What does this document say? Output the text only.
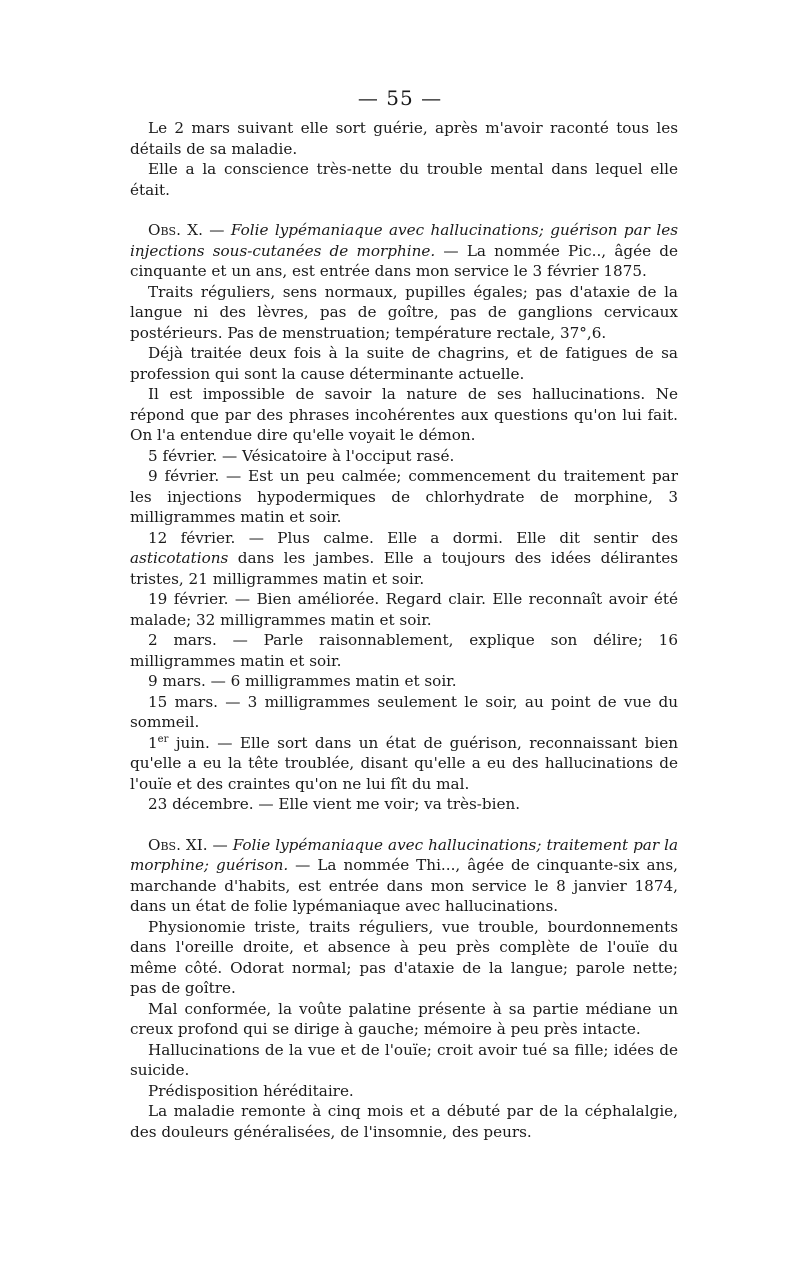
— 55 —

Le 2 mars suivant elle sort guérie, après m'avoir raconté tous les détails de sa maladie.

Elle a la conscience très-nette du trouble mental dans lequel elle était.

Obs. X. — Folie lypémaniaque avec hallucinations; guérison par les injections sous-cutanées de morphine. — La nommée Pic.., âgée de cinquante et un ans, est entrée dans mon service le 3 février 1875.

Traits réguliers, sens normaux, pupilles égales; pas d'ataxie de la langue ni des lèvres, pas de goître, pas de ganglions cervicaux postérieurs. Pas de menstruation; température rectale, 37°,6.

Déjà traitée deux fois à la suite de chagrins, et de fatigues de sa profession qui sont la cause déterminante actuelle.

Il est impossible de savoir la nature de ses hallucinations. Ne répond que par des phrases incohérentes aux questions qu'on lui fait. On l'a entendue dire qu'elle voyait le démon.

5 février. — Vésicatoire à l'occiput rasé.

9 février. — Est un peu calmée; commencement du traitement par les injections hypodermiques de chlorhydrate de morphine, 3 milligrammes matin et soir.

12 février. — Plus calme. Elle a dormi. Elle dit sentir des asticotations dans les jambes. Elle a toujours des idées délirantes tristes, 21 milligrammes matin et soir.

19 février. — Bien améliorée. Regard clair. Elle reconnaît avoir été malade; 32 milligrammes matin et soir.

2 mars. — Parle raisonnablement, explique son délire; 16 milligrammes matin et soir.

9 mars. — 6 milligrammes matin et soir.

15 mars. — 3 milligrammes seulement le soir, au point de vue du sommeil.

1er juin. — Elle sort dans un état de guérison, reconnaissant bien qu'elle a eu la tête troublée, disant qu'elle a eu des hallucinations de l'ouïe et des craintes qu'on ne lui fît du mal.

23 décembre. — Elle vient me voir; va très-bien.

Obs. XI. — Folie lypémaniaque avec hallucinations; traitement par la morphine; guérison. — La nommée Thi..., âgée de cinquante-six ans, marchande d'habits, est entrée dans mon service le 8 janvier 1874, dans un état de folie lypémaniaque avec hallucinations.

Physionomie triste, traits réguliers, vue trouble, bourdonnements dans l'oreille droite, et absence à peu près complète de l'ouïe du même côté. Odorat normal; pas d'ataxie de la langue; parole nette; pas de goître.

Mal conformée, la voûte palatine présente à sa partie médiane un creux profond qui se dirige à gauche; mémoire à peu près intacte.

Hallucinations de la vue et de l'ouïe; croit avoir tué sa fille; idées de suicide.

Prédisposition héréditaire.

La maladie remonte à cinq mois et a débuté par de la céphalalgie, des douleurs généralisées, de l'insomnie, des peurs.
